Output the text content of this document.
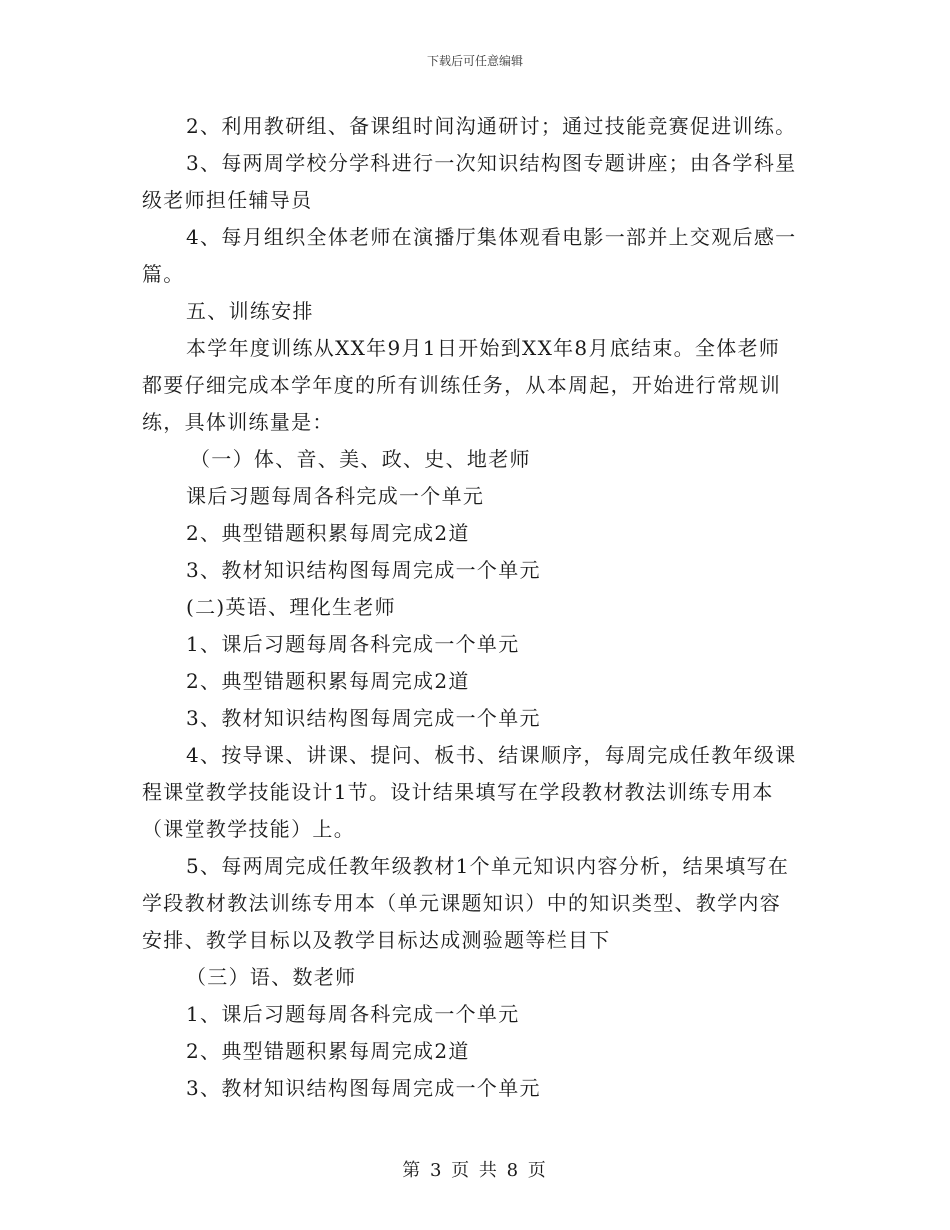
下载后可任意编辑

2、利用教研组、备课组时间沟通研讨；通过技能竞赛促进训练。

3、每两周学校分学科进行一次知识结构图专题讲座；由各学科星

级老师担任辅导员

4、每月组织全体老师在演播厅集体观看电影一部并上交观后感一

篇。

五、训练安排

本学年度训练从XX年9月1日开始到XX年8月底结束。全体老师

都要仔细完成本学年度的所有训练任务，从本周起，开始进行常规训

练，具体训练量是：

（一）体、音、美、政、史、地老师

课后习题每周各科完成一个单元

2、典型错题积累每周完成2道

3、教材知识结构图每周完成一个单元

(二)英语、理化生老师

1、课后习题每周各科完成一个单元

2、典型错题积累每周完成2道

3、教材知识结构图每周完成一个单元

4、按导课、讲课、提问、板书、结课顺序，每周完成任教年级课

程课堂教学技能设计1节。设计结果填写在学段教材教法训练专用本

（课堂教学技能）上。

5、每两周完成任教年级教材1个单元知识内容分析，结果填写在

学段教材教法训练专用本（单元课题知识）中的知识类型、教学内容

安排、教学目标以及教学目标达成测验题等栏目下

（三）语、数老师

1、课后习题每周各科完成一个单元

2、典型错题积累每周完成2道

3、教材知识结构图每周完成一个单元

第 3 页 共 8 页
